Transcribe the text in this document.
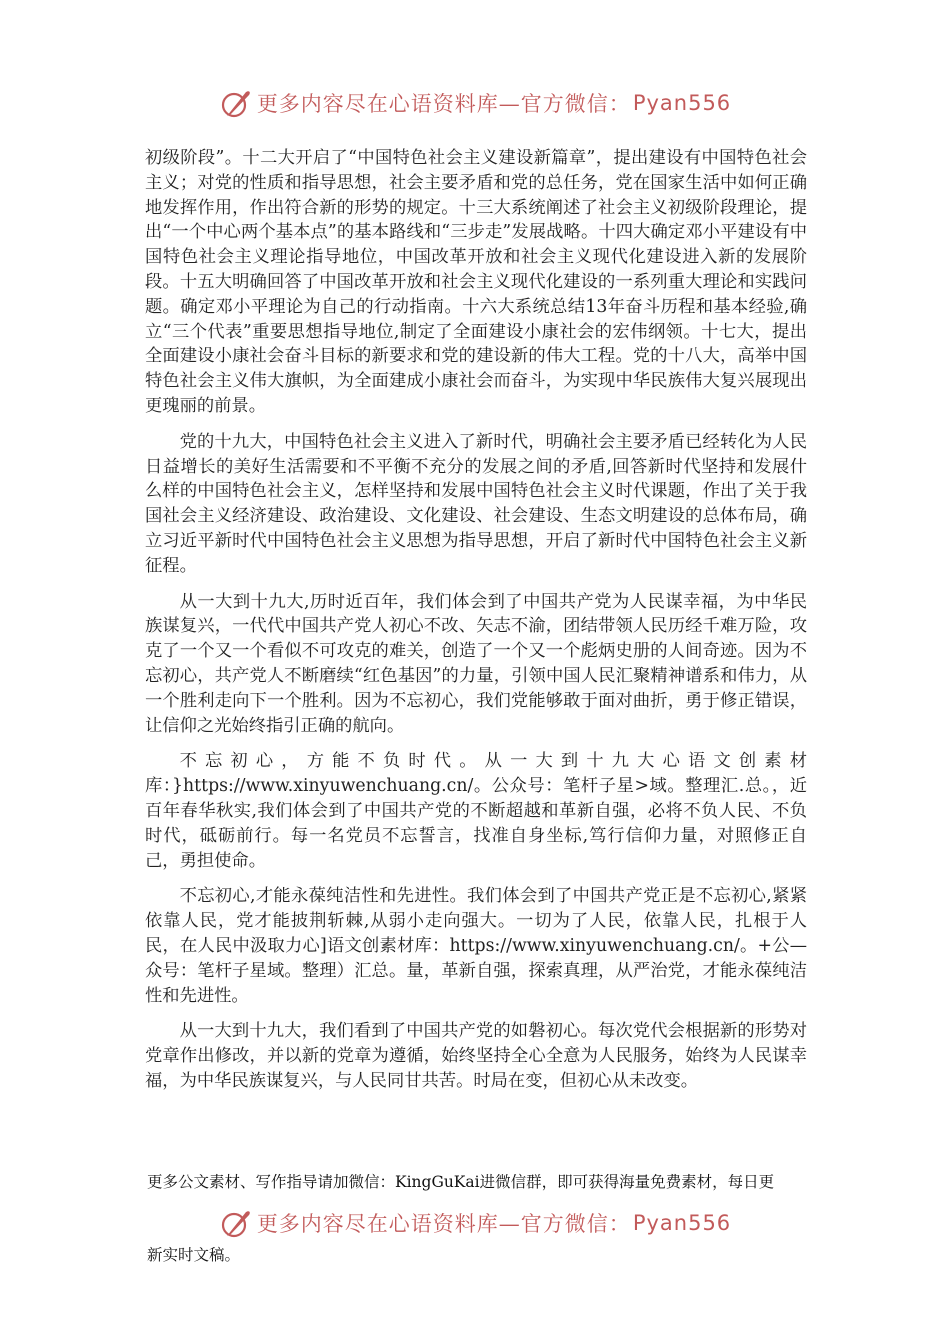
更多内容尽在心语资料库—官方微信： Pyan556

初级阶段”。十二大开启了“中国特色社会主义建设新篇章”，提出建设有中国特色社会主义；对党的性质和指导思想，社会主要矛盾和党的总任务，党在国家生活中如何正确地发挥作用，作出符合新的形势的规定。十三大系统阐述了社会主义初级阶段理论，提出“一个中心两个基本点”的基本路线和“三步走”发展战略。十四大确定邓小平建设有中国特色社会主义理论指导地位，中国改革开放和社会主义现代化建设进入新的发展阶段。十五大明确回答了中国改革开放和社会主义现代化建设的一系列重大理论和实践问题。确定邓小平理论为自己的行动指南。十六大系统总结13年奋斗历程和基本经验,确立“三个代表”重要思想指导地位,制定了全面建设小康社会的宏伟纲领。十七大，提出全面建设小康社会奋斗目标的新要求和党的建设新的伟大工程。党的十八大，高举中国特色社会主义伟大旗帜，为全面建成小康社会而奋斗，为实现中华民族伟大复兴展现出更瑰丽的前景。

党的十九大，中国特色社会主义进入了新时代，明确社会主要矛盾已经转化为人民日益增长的美好生活需要和不平衡不充分的发展之间的矛盾,回答新时代坚持和发展什么样的中国特色社会主义，怎样坚持和发展中国特色社会主义时代课题，作出了关于我国社会主义经济建设、政治建设、文化建设、社会建设、生态文明建设的总体布局，确立习近平新时代中国特色社会主义思想为指导思想，开启了新时代中国特色社会主义新征程。

从一大到十九大,历时近百年，我们体会到了中国共产党为人民谋幸福，为中华民族谋复兴，一代代中国共产党人初心不改、矢志不渝，团结带领人民历经千难万险，攻克了一个又一个看似不可攻克的难关，创造了一个又一个彪炳史册的人间奇迹。因为不忘初心，共产党人不断磨续“红色基因”的力量，引领中国人民汇聚精神谱系和伟力，从一个胜利走向下一个胜利。因为不忘初心，我们党能够敢于面对曲折，勇于修正错误，让信仰之光始终指引正确的航向。

不忘初心，方能不负时代。从一大到十九大心语文创素材库：}https://www.xinyuwenchuang.cn/。公众号：笔杆子星>域。整理汇.总。，近百年春华秋实,我们体会到了中国共产党的不断超越和革新自强，必将不负人民、不负时代，砥砺前行。每一名党员不忘誓言，找准自身坐标,笃行信仰力量，对照修正自己，勇担使命。

不忘初心,才能永葆纯洁性和先进性。我们体会到了中国共产党正是不忘初心,紧紧依靠人民，党才能披荆斩棘,从弱小走向强大。一切为了人民，依靠人民，扎根于人民，在人民中汲取力心]语文创素材库：https://www.xinyuwenchuang.cn/。+公—众号：笔杆子星域。整理）汇总。量，革新自强，探索真理，从严治党，才能永葆纯洁性和先进性。

从一大到十九大，我们看到了中国共产党的如磐初心。每次党代会根据新的形势对党章作出修改，并以新的党章为遵循，始终坚持全心全意为人民服务，始终为人民谋幸福，为中华民族谋复兴，与人民同甘共苦。时局在变，但初心从未改变。

更多公文素材、写作指导请加微信：KingGuKai进微信群，即可获得海量免费素材，每日更
更多内容尽在心语资料库—官方微信： Pyan556
新实时文稿。
